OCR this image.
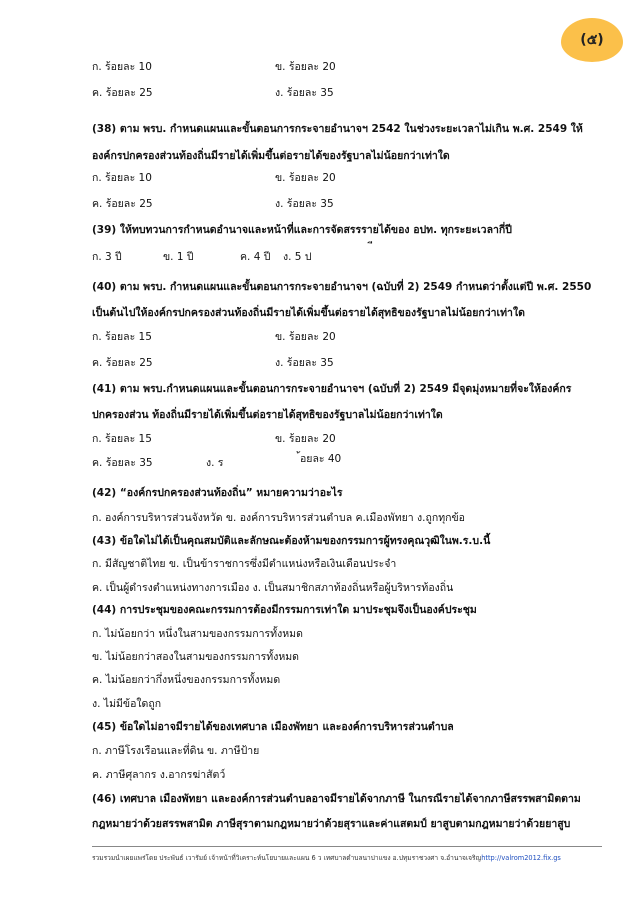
(๕)
ก. ร้อยละ 10	ข. ร้อยละ 20
ค. ร้อยละ 25	ง. ร้อยละ 35
(38) ตาม พรบ. กำหนดแผนและขั้นตอนการกระจายอำนาจฯ 2542 ในช่วงระยะเวลาไม่เกิน พ.ศ. 2549 ให้
องค์กรปกครองส่วนท้องถิ่นมีรายได้เพิ่มขึ้นต่อรายได้ของรัฐบาลไม่น้อยกว่าเท่าใด
ก. ร้อยละ 10	ข. ร้อยละ 20
ค. ร้อยละ 25	ง. ร้อยละ 35
(39) ให้ทบทวนการกำหนดอำนาจและหน้าที่และการจัดสรรรายได้ของ อปท. ทุกระยะเวลากี่ปี
ก. 3 ปี	ข. 1 ปี	ค. 4 ปี ง. 5 ป
(40) ตาม พรบ. กำหนดแผนและขั้นตอนการกระจายอำนาจฯ (ฉบับที่ 2) 2549 กำหนดว่าตั้งแต่ปี พ.ศ. 2550
เป็นต้นไปให้องค์กรปกครองส่วนท้องถิ่นมีรายได้เพิ่มขึ้นต่อรายได้สุทธิของรัฐบาลไม่น้อยกว่าเท่าใด
ก. ร้อยละ 15	ข. ร้อยละ 20
ค. ร้อยละ 25	ง. ร้อยละ 35
(41) ตาม พรบ.กำหนดแผนและขั้นตอนการกระจายอำนาจฯ (ฉบับที่ 2) 2549 มีจุดมุ่งหมายที่จะให้องค์กร
ปกครองส่วน ท้องถิ่นมีรายได้เพิ่มขึ้นต่อรายได้สุทธิของรัฐบาลไม่น้อยกว่าเท่าใด
ก. ร้อยละ 15	ข. ร้อยละ 20
ค. ร้อยละ 35	ง. ร	้อยละ 40
(42) “องค์กรปกครองส่วนท้องถิ่น” หมายความว่าอะไร
ก. องค์การบริหารส่วนจังหวัด ข. องค์การบริหารส่วนตำบล ค.เมืองพัทยา ง.ถูกทุกข้อ
(43) ข้อใดไม่ได้เป็นคุณสมบัติและลักษณะต้องห้ามของกรรมการผู้ทรงคุณวุฒิในพ.ร.บ.นี้
ก. มีสัญชาติไทย ข. เป็นข้าราชการซึ่งมีตำแหน่งหรือเงินเดือนประจำ
ค. เป็นผู้ดำรงตำแหน่งทางการเมือง ง. เป็นสมาชิกสภาท้องถิ่นหรือผู้บริหารท้องถิ่น
(44) การประชุมของคณะกรรมการต้องมีกรรมการเท่าใด มาประชุมจึงเป็นองค์ประชุม
ก. ไม่น้อยกว่า หนึ่งในสามของกรรมการทั้งหมด
ข. ไม่น้อยกว่าสองในสามของกรรมการทั้งหมด
ค. ไม่น้อยกว่ากึ่งหนึ่งของกรรมการทั้งหมด
ง. ไม่มีข้อใดถูก
(45) ข้อใดไม่อาจมีรายได้ของเทศบาล เมืองพัทยา และองค์การบริหารส่วนตำบล
ก. ภาษีโรงเรือนและที่ดิน ข. ภาษีป้าย
ค. ภาษีศุลากร ง.อากรฆ่าสัตว์
(46) เทศบาล เมืองพัทยา และองค์การส่วนตำบลอาจมีรายได้จากภาษี ในกรณีรายได้จากภาษีสรรพสามิตตาม
กฎหมายว่าด้วยสรรพสามิต ภาษีสุราตามกฎหมายว่าด้วยสุราและค่าแสตมป์ ยาสูบตามกฎหมายว่าด้วยยาสูบ
รวมรวมนำเผยแพร่โดย ประพันธ์ เวารัมย์ เจ้าหน้าที่วิเคราะห์นโยบายและแผน 6 ว เทศบาลตำบลนาบ่าแขง อ.ปทุมราชวงศา จ.อำนาจเจริญhttp://valrom2012.fix.gs
